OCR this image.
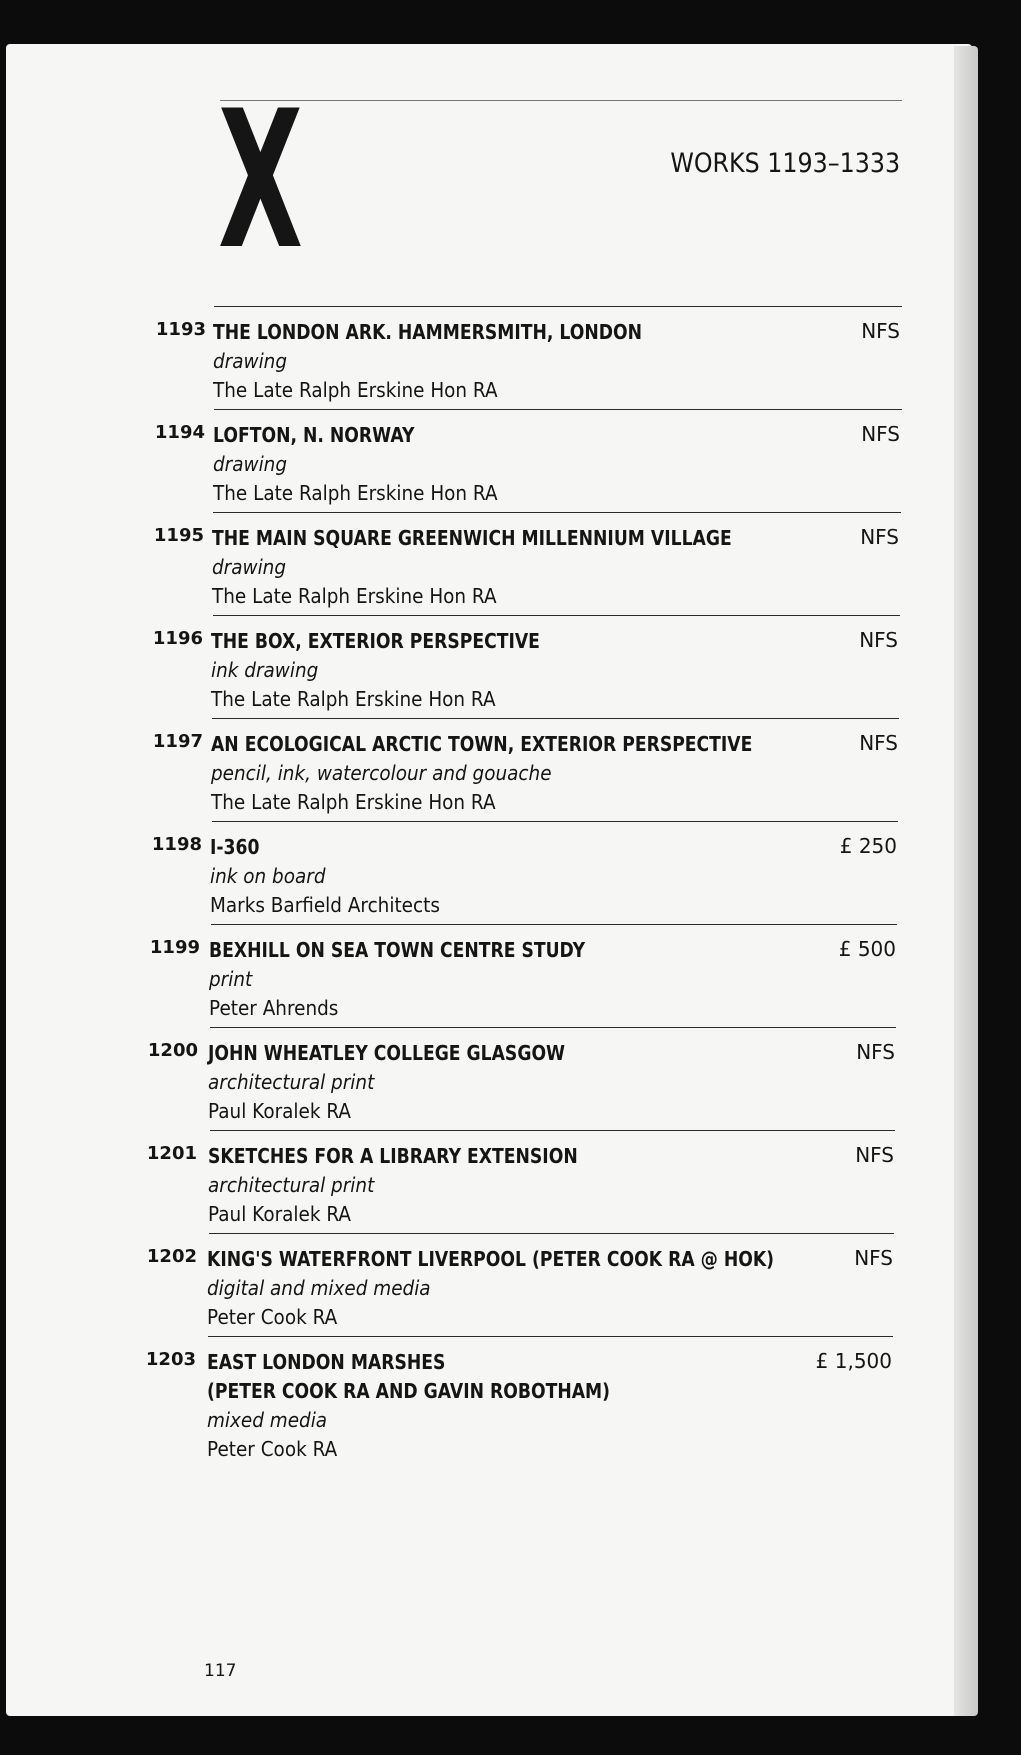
X	WORKS 1193–1333
1193 THE LONDON ARK. HAMMERSMITH, LONDON
drawing
The Late Ralph Erskine Hon RA
NFS
1194 LOFTON, N. NORWAY
drawing
The Late Ralph Erskine Hon RA
NFS
1195 THE MAIN SQUARE GREENWICH MILLENNIUM VILLAGE
drawing
The Late Ralph Erskine Hon RA
NFS
1196 THE BOX, EXTERIOR PERSPECTIVE
ink drawing
The Late Ralph Erskine Hon RA
NFS
1197 AN ECOLOGICAL ARCTIC TOWN, EXTERIOR PERSPECTIVE
pencil, ink, watercolour and gouache
The Late Ralph Erskine Hon RA
NFS
1198 I-360
ink on board
Marks Barfield Architects
£ 250
1199 BEXHILL ON SEA TOWN CENTRE STUDY
print
Peter Ahrends
£ 500
1200 JOHN WHEATLEY COLLEGE GLASGOW
architectural print
Paul Koralek RA
NFS
1201 SKETCHES FOR A LIBRARY EXTENSION
architectural print
Paul Koralek RA
NFS
1202 KING'S WATERFRONT LIVERPOOL (PETER COOK RA @ HOK)
digital and mixed media
Peter Cook RA
NFS
1203 EAST LONDON MARSHES
(PETER COOK RA AND GAVIN ROBOTHAM)
mixed media
Peter Cook RA
£ 1,500
117
